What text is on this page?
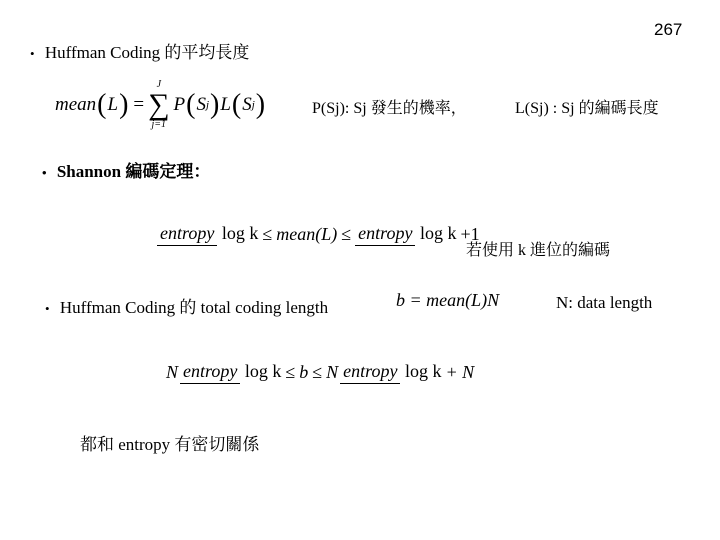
267
• Huffman Coding 的平均長度
mean ( L ) =
J
∑
j=1
P ( S j ) L ( S j )	P(Sj): Sj 發生的機率，	L(Sj) : Sj 的編碼長度
• Shannon 編碼定理：
entropy log k ≤ mean(L) ≤ entropy log k +1
若使用 k 進位的編碼
• Huffman Coding 的 total coding length	b = mean(L)N	N: data length
N entropy log k ≤ b ≤ N entropy log k + N
都和 entropy 有密切關係
